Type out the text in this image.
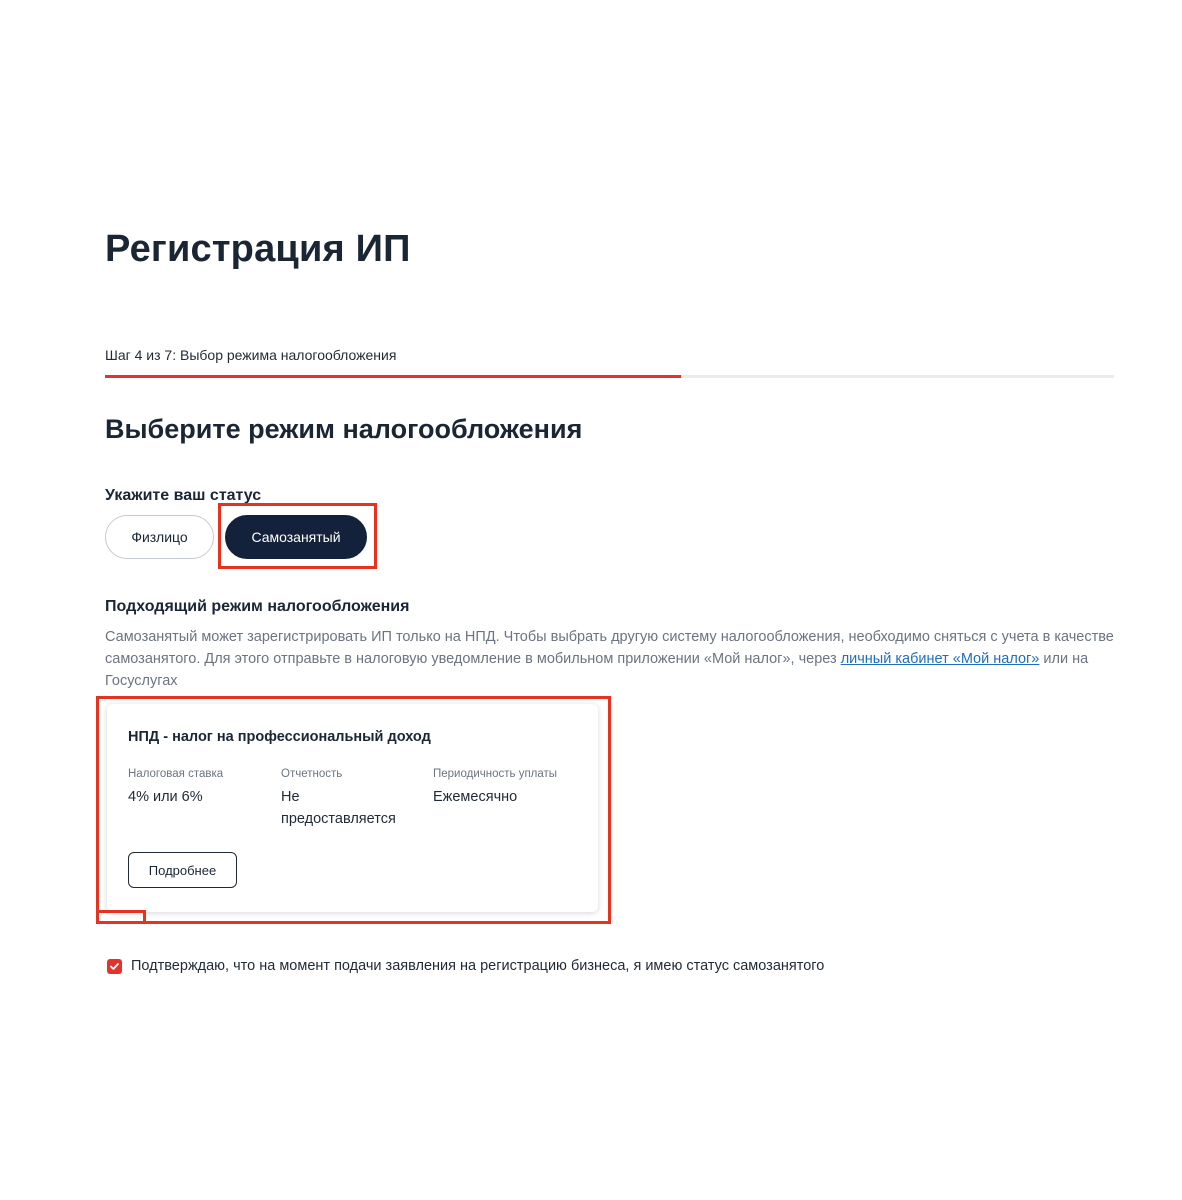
Регистрация ИП
Шаг 4 из 7: Выбор режима налогообложения
Выберите режим налогообложения
Укажите ваш статус
Физлицо	Самозанятый
Подходящий режим налогообложения
Самозанятый может зарегистрировать ИП только на НПД. Чтобы выбрать другую систему налогообложения, необходимо сняться с учета в качестве самозанятого. Для этого отправьте в налоговую уведомление в мобильном приложении «Мой налог», через личный кабинет «Мой налог» или на Госуслугах
НПД - налог на профессиональный доход
Налоговая ставка
4% или 6%
Отчетность
Не предоставляется
Периодичность уплаты
Ежемесячно
Подробнее
Подтверждаю, что на момент подачи заявления на регистрацию бизнеса, я имею статус самозанятого
